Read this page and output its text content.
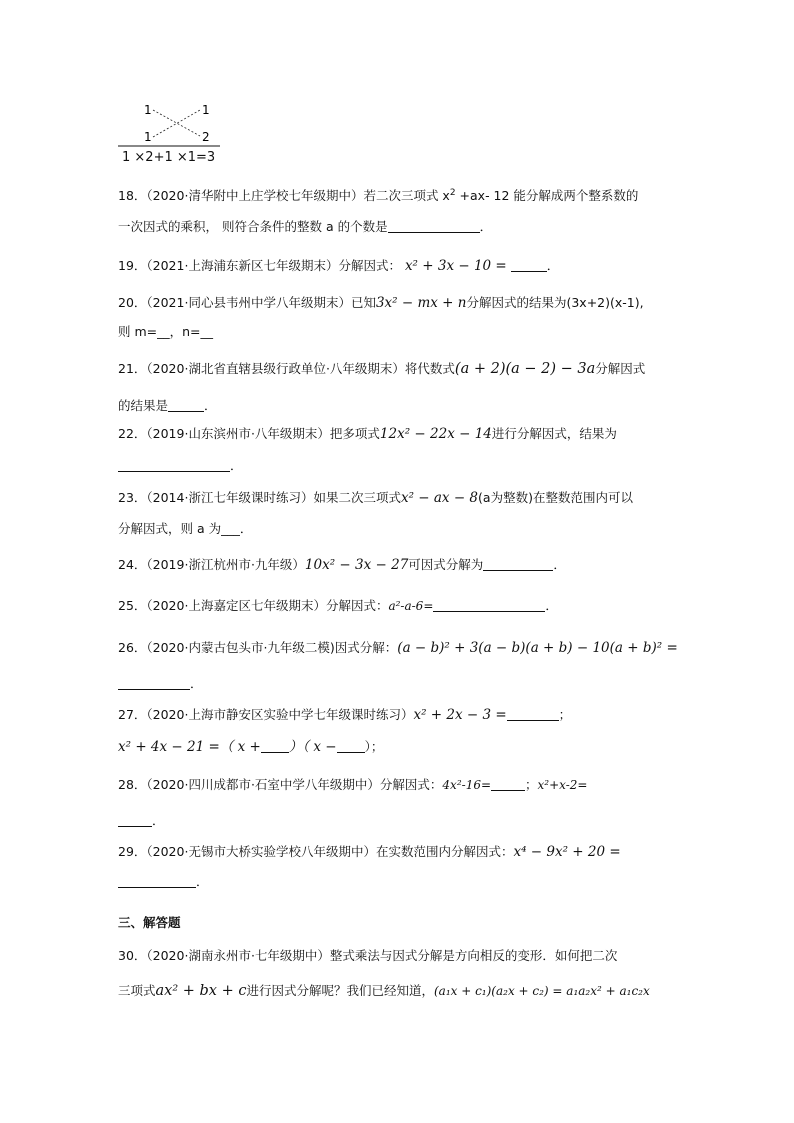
1	1
1	2
1 ×2+1 ×1=3
18．（2020·清华附中上庄学校七年级期中）若二次三项式 $x^2 +ax-$ 12 能分解成两个整系数的
一次因式的乘积， 则符合条件的整数 a 的个数是	．
19．（2021·上海浦东新区七年级期末）分解因式： x² + 3x − 10 =	．
20．（2021·同心县韦州中学八年级期末）已知3x² − mx + n分解因式的结果为(3x+2)(x-1),
则 m=__，n=__
21．（2020·湖北省直辖县级行政单位·八年级期末）将代数式(a + 2)(a − 2) − 3a分解因式
的结果是	．
22．（2019·山东滨州市·八年级期末）把多项式12x² − 22x − 14进行分解因式，结果为
．
23．（2014·浙江七年级课时练习）如果二次三项式x² − ax − 8(a为整数)在整数范围内可以
分解因式，则 a 为___．
24．（2019·浙江杭州市·九年级）10x² − 3x − 27可因式分解为	．
25．（2020·上海嘉定区七年级期末）分解因式：a²-a-6=	．
26．（2020·内蒙古包头市·九年级二模)因式分解：(a − b)² + 3(a − b)(a + b) − 10(a + b)² =
．
27．（2020·上海市静安区实验中学七年级课时练习）x² + 2x − 3 =	；
x² + 4x − 21 =（ x + ）（ x − ）；
28．（2020·四川成都市·石室中学八年级期中）分解因式：4x²-16=	；x²+x-2=
．
29．（2020·无锡市大桥实验学校八年级期中）在实数范围内分解因式：x⁴ − 9x² + 20 =
．
三、解答题
30．（2020·湖南永州市·七年级期中）整式乘法与因式分解是方向相反的变形．如何把二次
三项式ax² + bx + c进行因式分解呢？我们已经知道，(a₁x + c₁)(a₂x + c₂) = a₁a₂x² + a₁c₂x
